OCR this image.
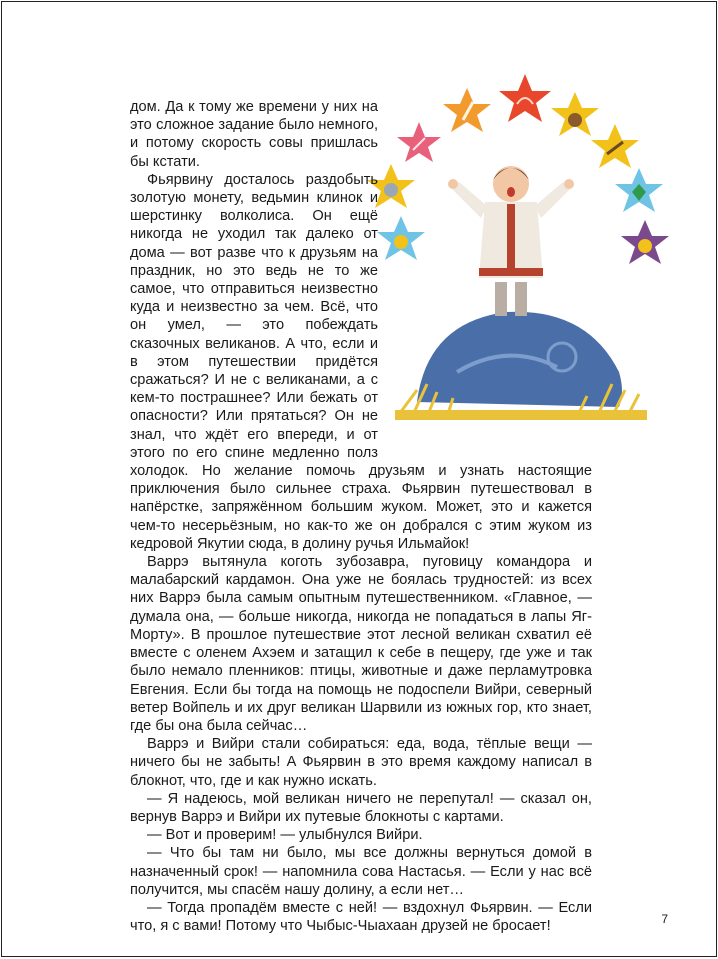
дом. Да к тому же времени у них на это сложное задание было немного, и потому скорость совы пришлась бы кстати.

Фьярвину досталось раздобыть золотую монету, ведьмин клинок и шерстинку волколиса. Он ещё никогда не уходил так далеко от дома — вот разве что к друзьям на праздник, но это ведь не то же самое, что отправиться неизвестно куда и неизвестно за чем. Всё, что он умел, — это побеждать сказочных великанов. А что, если и в этом путешествии придётся сражаться? И не с великанами, а с кем-то пострашнее? Или бежать от опасности? Или прятаться? Он не знал, что ждёт его впереди, и от этого по его спине медленно полз холодок. Но желание помочь друзьям и узнать настоящие приключения было сильнее страха. Фьярвин путешествовал в напёрстке, запряжённом большим жуком. Может, это и кажется чем-то несерьёзным, но как-то же он добрался с этим жуком из кедровой Якутии сюда, в долину ручья Ильмайок!

Варрэ вытянула коготь зубозавра, пуговицу командора и малабарский кардамон. Она уже не боялась трудностей: из всех них Варрэ была самым опытным путешественником. «Главное, — думала она, — больше никогда, никогда не попадаться в лапы Яг-Морту». В прошлое путешествие этот лесной великан схватил её вместе с оленем Ахэем и затащил к себе в пещеру, где уже и так было немало пленников: птицы, животные и даже перламутровка Евгения. Если бы тогда на помощь не подоспели Вийри, северный ветер Войпель и их друг великан Шарвили из южных гор, кто знает, где бы она была сейчас…

Варрэ и Вийри стали собираться: еда, вода, тёплые вещи — ничего бы не забыть! А Фьярвин в это время каждому написал в блокнот, что, где и как нужно искать.

— Я надеюсь, мой великан ничего не перепутал! — сказал он, вернув Варрэ и Вийри их путевые блокноты с картами.

— Вот и проверим! — улыбнулся Вийри.

— Что бы там ни было, мы все должны вернуться домой в назначенный срок! — напомнила сова Настасья. — Если у нас всё получится, мы спасём нашу долину, а если нет…

— Тогда пропадём вместе с ней! — вздохнул Фьярвин. — Если что, я с вами! Потому что Чыбыс-Чыахаан друзей не бросает!	7
